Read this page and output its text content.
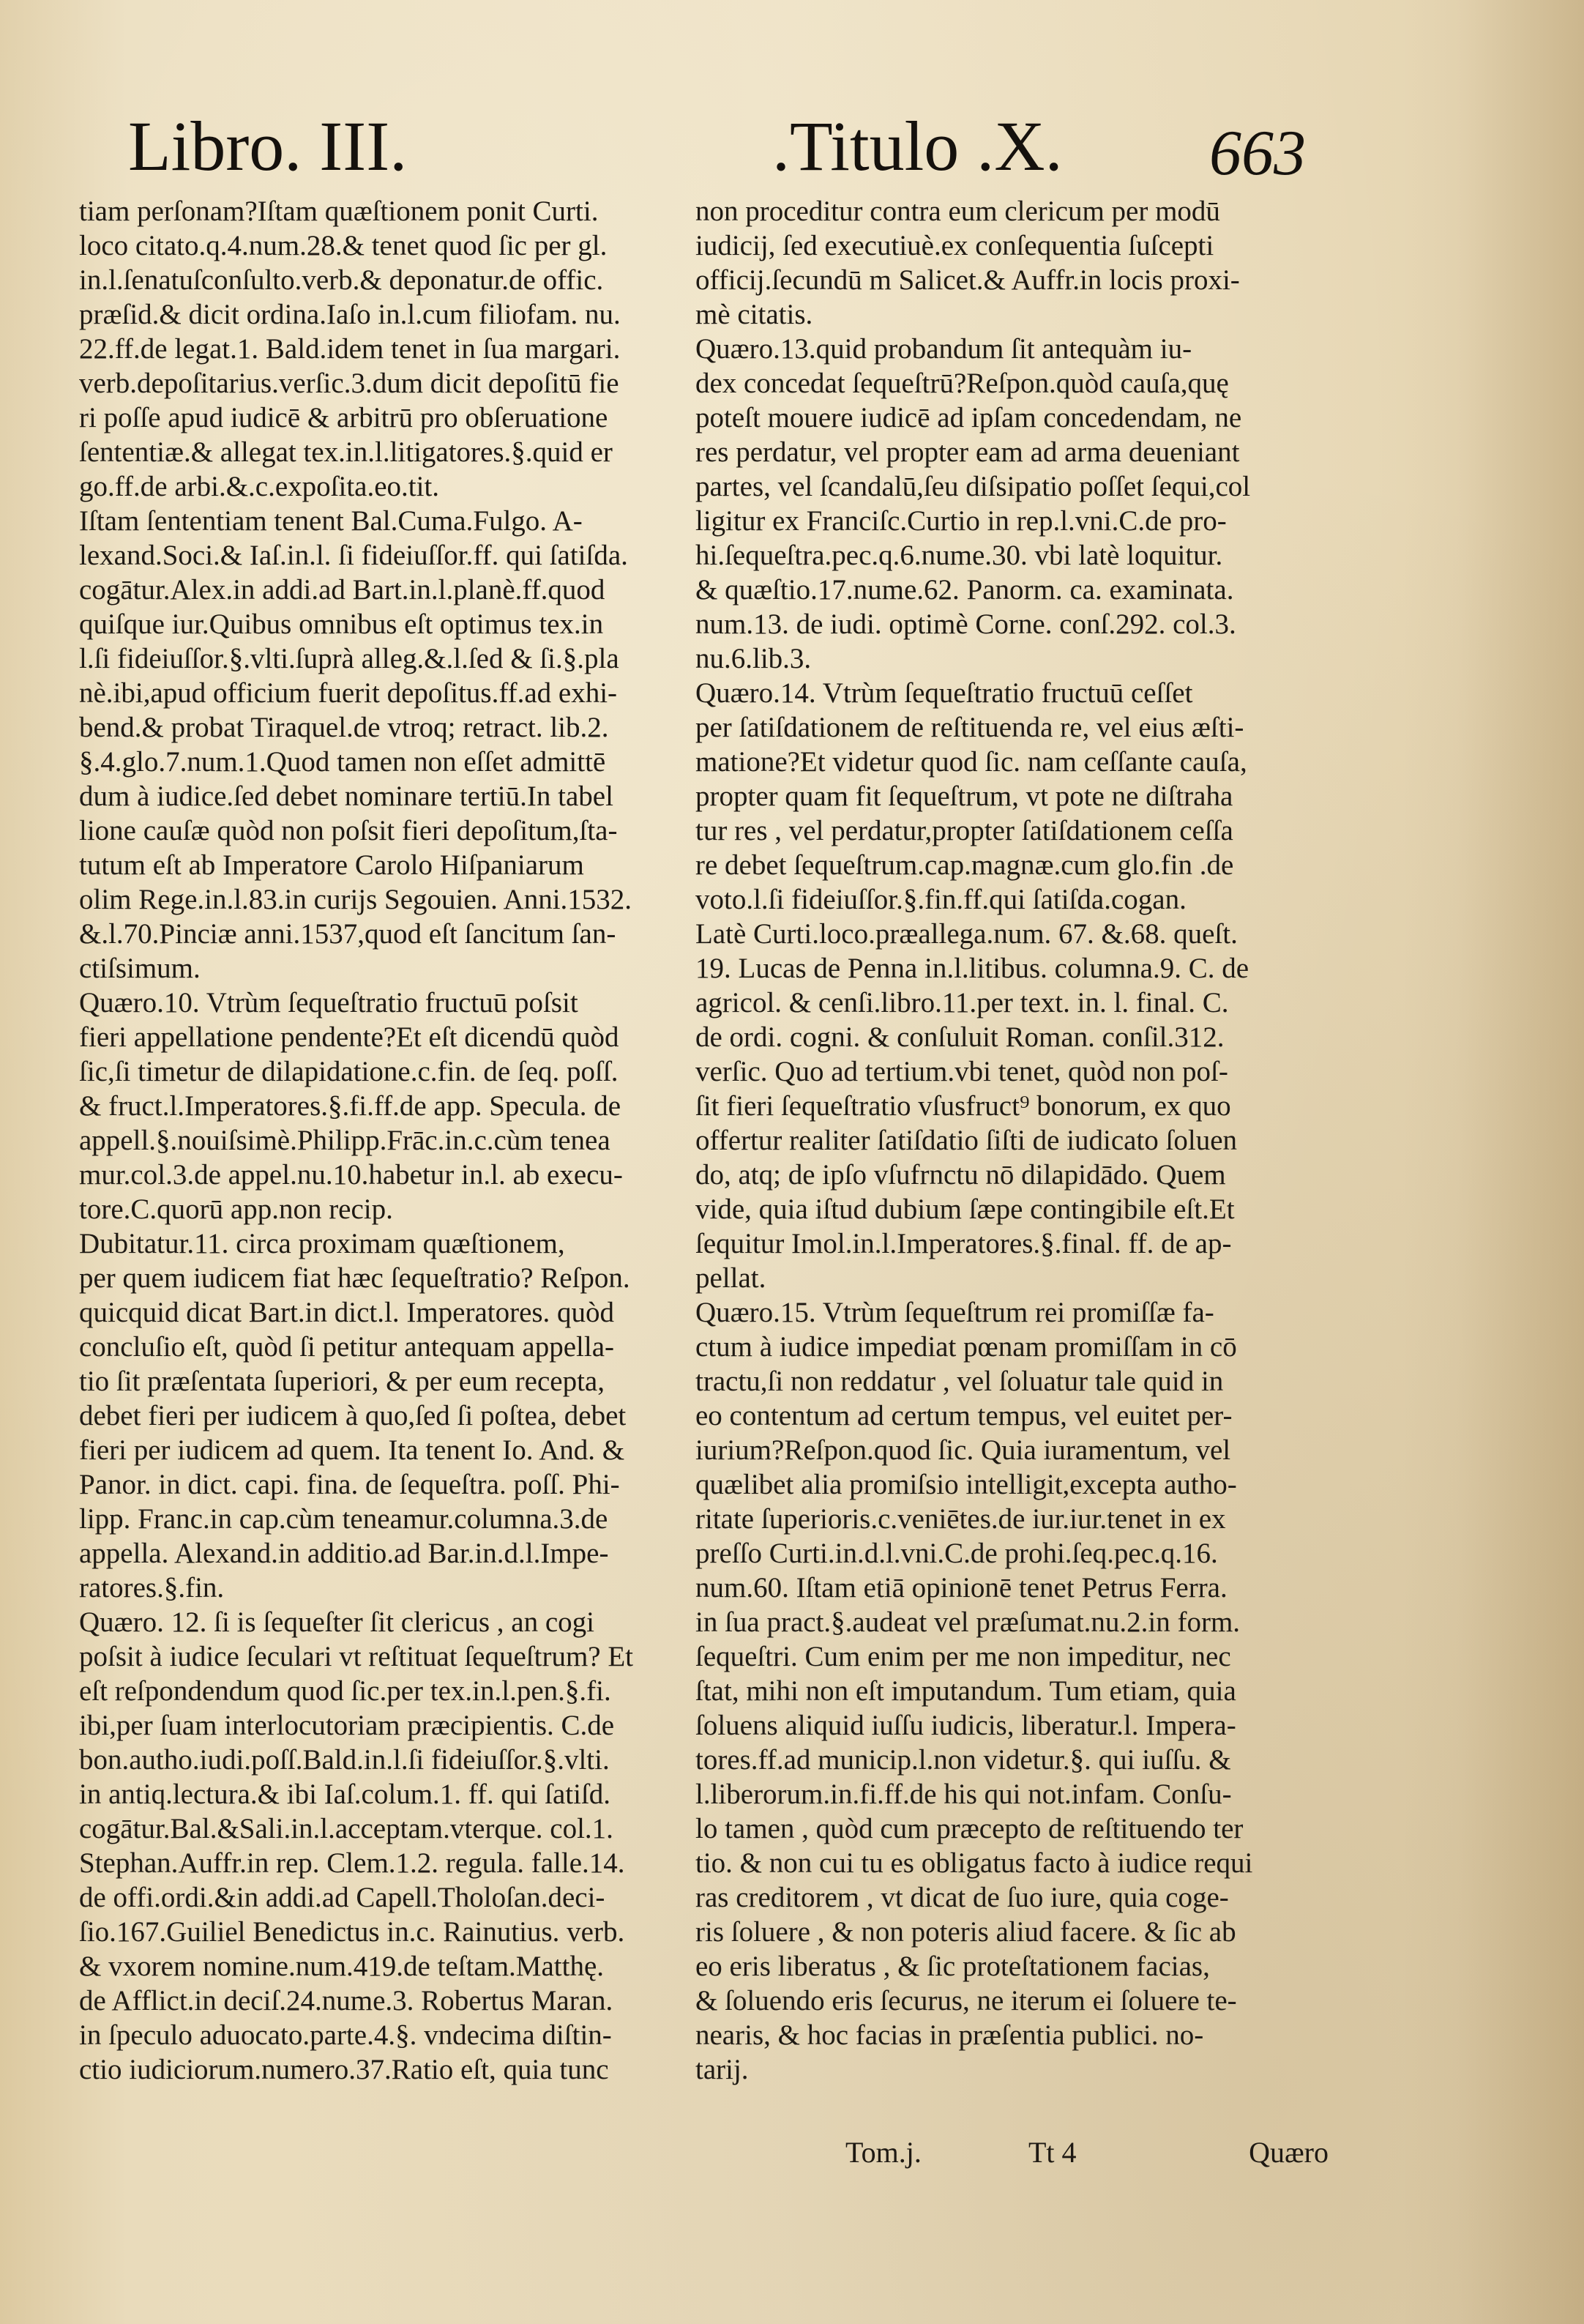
Libro. III.	.Titulo .X. 663
tiam perſonam?Iſtam quæſtionem ponit Curti.
loco citato.q.4.num.28.& tenet quod ſic per gl.
in.l.ſenatuſconſulto.verb.& deponatur.de offic.
præſid.& dicit ordina.Iaſo in.l.cum filiofam. nu.
22.ff.de legat.1. Bald.idem tenet in ſua margari.
verb.depoſitarius.verſic.3.dum dicit depoſitū fie
ri poſſe apud iudicē & arbitrū pro obſeruatione
ſententiæ.& allegat tex.in.l.litigatores.§.quid er
go.ff.de arbi.&.c.expoſita.eo.tit.
Iſtam ſententiam tenent Bal.Cuma.Fulgo. A-
lexand.Soci.& Iaſ.in.l. ſi fideiuſſor.ff. qui ſatiſda.
cogātur.Alex.in addi.ad Bart.in.l.planè.ff.quod
quiſque iur.Quibus omnibus eſt optimus tex.in
l.ſi fideiuſſor.§.vlti.ſuprà alleg.&.l.ſed & ſi.§.pla
nè.ibi,apud officium fuerit depoſitus.ff.ad exhi-
bend.& probat Tiraquel.de vtroq; retract. lib.2.
§.4.glo.7.num.1.Quod tamen non eſſet admittē
dum à iudice.ſed debet nominare tertiū.In tabel
lione cauſæ quòd non poſsit fieri depoſitum,ſta-
tutum eſt ab Imperatore Carolo Hiſpaniarum
olim Rege.in.l.83.in curijs Segouien. Anni.1532.
&.l.70.Pinciæ anni.1537,quod eſt ſancitum ſan-
ctiſsimum.
Quæro.10. Vtrùm ſequeſtratio fructuū poſsit
fieri appellatione pendente?Et eſt dicendū quòd
ſic,ſi timetur de dilapidatione.c.fin. de ſeq. poſſ.
& fruct.l.Imperatores.§.fi.ff.de app. Specula. de
appell.§.nouiſsimè.Philipp.Frāc.in.c.cùm tenea
mur.col.3.de appel.nu.10.habetur in.l. ab execu-
tore.C.quorū app.non recip.
Dubitatur.11. circa proximam quæſtionem,
per quem iudicem fiat hæc ſequeſtratio? Reſpon.
quicquid dicat Bart.in dict.l. Imperatores. quòd
concluſio eſt, quòd ſi petitur antequam appella-
tio ſit præſentata ſuperiori, & per eum recepta,
debet fieri per iudicem à quo,ſed ſi poſtea, debet
fieri per iudicem ad quem. Ita tenent Io. And. &
Panor. in dict. capi. fina. de ſequeſtra. poſſ. Phi-
lipp. Franc.in cap.cùm teneamur.columna.3.de
appella. Alexand.in additio.ad Bar.in.d.l.Impe-
ratores.§.fin.
Quæro. 12. ſi is ſequeſter ſit clericus , an cogi
poſsit à iudice ſeculari vt reſtituat ſequeſtrum? Et
eſt reſpondendum quod ſic.per tex.in.l.pen.§.fi.
ibi,per ſuam interlocutoriam præcipientis. C.de
bon.autho.iudi.poſſ.Bald.in.l.ſi fideiuſſor.§.vlti.
in antiq.lectura.& ibi Iaſ.colum.1. ff. qui ſatiſd.
cogātur.Bal.&Sali.in.l.acceptam.vterque. col.1.
Stephan.Auffr.in rep. Clem.1.2. regula. falle.14.
de offi.ordi.&in addi.ad Capell.Tholoſan.deci-
ſio.167.Guiliel Benedictus in.c. Rainutius. verb.
& vxorem nomine.num.419.de teſtam.Matthę.
de Afflict.in deciſ.24.nume.3. Robertus Maran.
in ſpeculo aduocato.parte.4.§. vndecima diſtin-
ctio iudiciorum.numero.37.Ratio eſt, quia tunc
non proceditur contra eum clericum per modū
iudicij, ſed executiuè.ex conſequentia ſuſcepti
officij.ſecundū m Salicet.& Auffr.in locis proxi-
mè citatis.
Quæro.13.quid probandum ſit antequàm iu-
dex concedat ſequeſtrū?Reſpon.quòd cauſa,quę
poteſt mouere iudicē ad ipſam concedendam, ne
res perdatur, vel propter eam ad arma deueniant
partes, vel ſcandalū,ſeu diſsipatio poſſet ſequi,col
ligitur ex Franciſc.Curtio in rep.l.vni.C.de pro-
hi.ſequeſtra.pec.q.6.nume.30. vbi latè loquitur.
& quæſtio.17.nume.62. Panorm. ca. examinata.
num.13. de iudi. optimè Corne. conſ.292. col.3.
nu.6.lib.3.
Quæro.14. Vtrùm ſequeſtratio fructuū ceſſet
per ſatiſdationem de reſtituenda re, vel eius æſti-
matione?Et videtur quod ſic. nam ceſſante cauſa,
propter quam fit ſequeſtrum, vt pote ne diſtraha
tur res , vel perdatur,propter ſatiſdationem ceſſa
re debet ſequeſtrum.cap.magnæ.cum glo.fin .de
voto.l.ſi fideiuſſor.§.fin.ff.qui ſatiſda.cogan.
Latè Curti.loco.præallega.num. 67. &.68. queſt.
19. Lucas de Penna in.l.litibus. columna.9. C. de
agricol. & cenſi.libro.11.per text. in. l. final. C.
de ordi. cogni. & conſuluit Roman. conſil.312.
verſic. Quo ad tertium.vbi tenet, quòd non poſ-
ſit fieri ſequeſtratio vſusfruct⁹ bonorum, ex quo
offertur realiter ſatiſdatio ſiſti de iudicato ſoluen
do, atq; de ipſo vſufrnctu nō dilapidādo. Quem
vide, quia iſtud dubium ſæpe contingibile eſt.Et
ſequitur Imol.in.l.Imperatores.§.final. ff. de ap-
pellat.
Quæro.15. Vtrùm ſequeſtrum rei promiſſæ fa-
ctum à iudice impediat pœnam promiſſam in cō
tractu,ſi non reddatur , vel ſoluatur tale quid in
eo contentum ad certum tempus, vel euitet per-
iurium?Reſpon.quod ſic. Quia iuramentum, vel
quælibet alia promiſsio intelligit,excepta autho-
ritate ſuperioris.c.veniētes.de iur.iur.tenet in ex
preſſo Curti.in.d.l.vni.C.de prohi.ſeq.pec.q.16.
num.60. Iſtam etiā opinionē tenet Petrus Ferra.
in ſua pract.§.audeat vel præſumat.nu.2.in form.
ſequeſtri. Cum enim per me non impeditur, nec
ſtat, mihi non eſt imputandum. Tum etiam, quia
ſoluens aliquid iuſſu iudicis, liberatur.l. Impera-
tores.ff.ad municip.l.non videtur.§. qui iuſſu. &
l.liberorum.in.fi.ff.de his qui not.infam. Conſu-
lo tamen , quòd cum præcepto de reſtituendo ter
tio. & non cui tu es obligatus facto à iudice requi
ras creditorem , vt dicat de ſuo iure, quia coge-
ris ſoluere , & non poteris aliud facere. & ſic ab
eo eris liberatus , & ſic proteſtationem facias,
& ſoluendo eris ſecurus, ne iterum ei ſoluere te-
nearis, & hoc facias in præſentia publici. no-
tarij.
Tom.j.	Tt 4	Quæro
